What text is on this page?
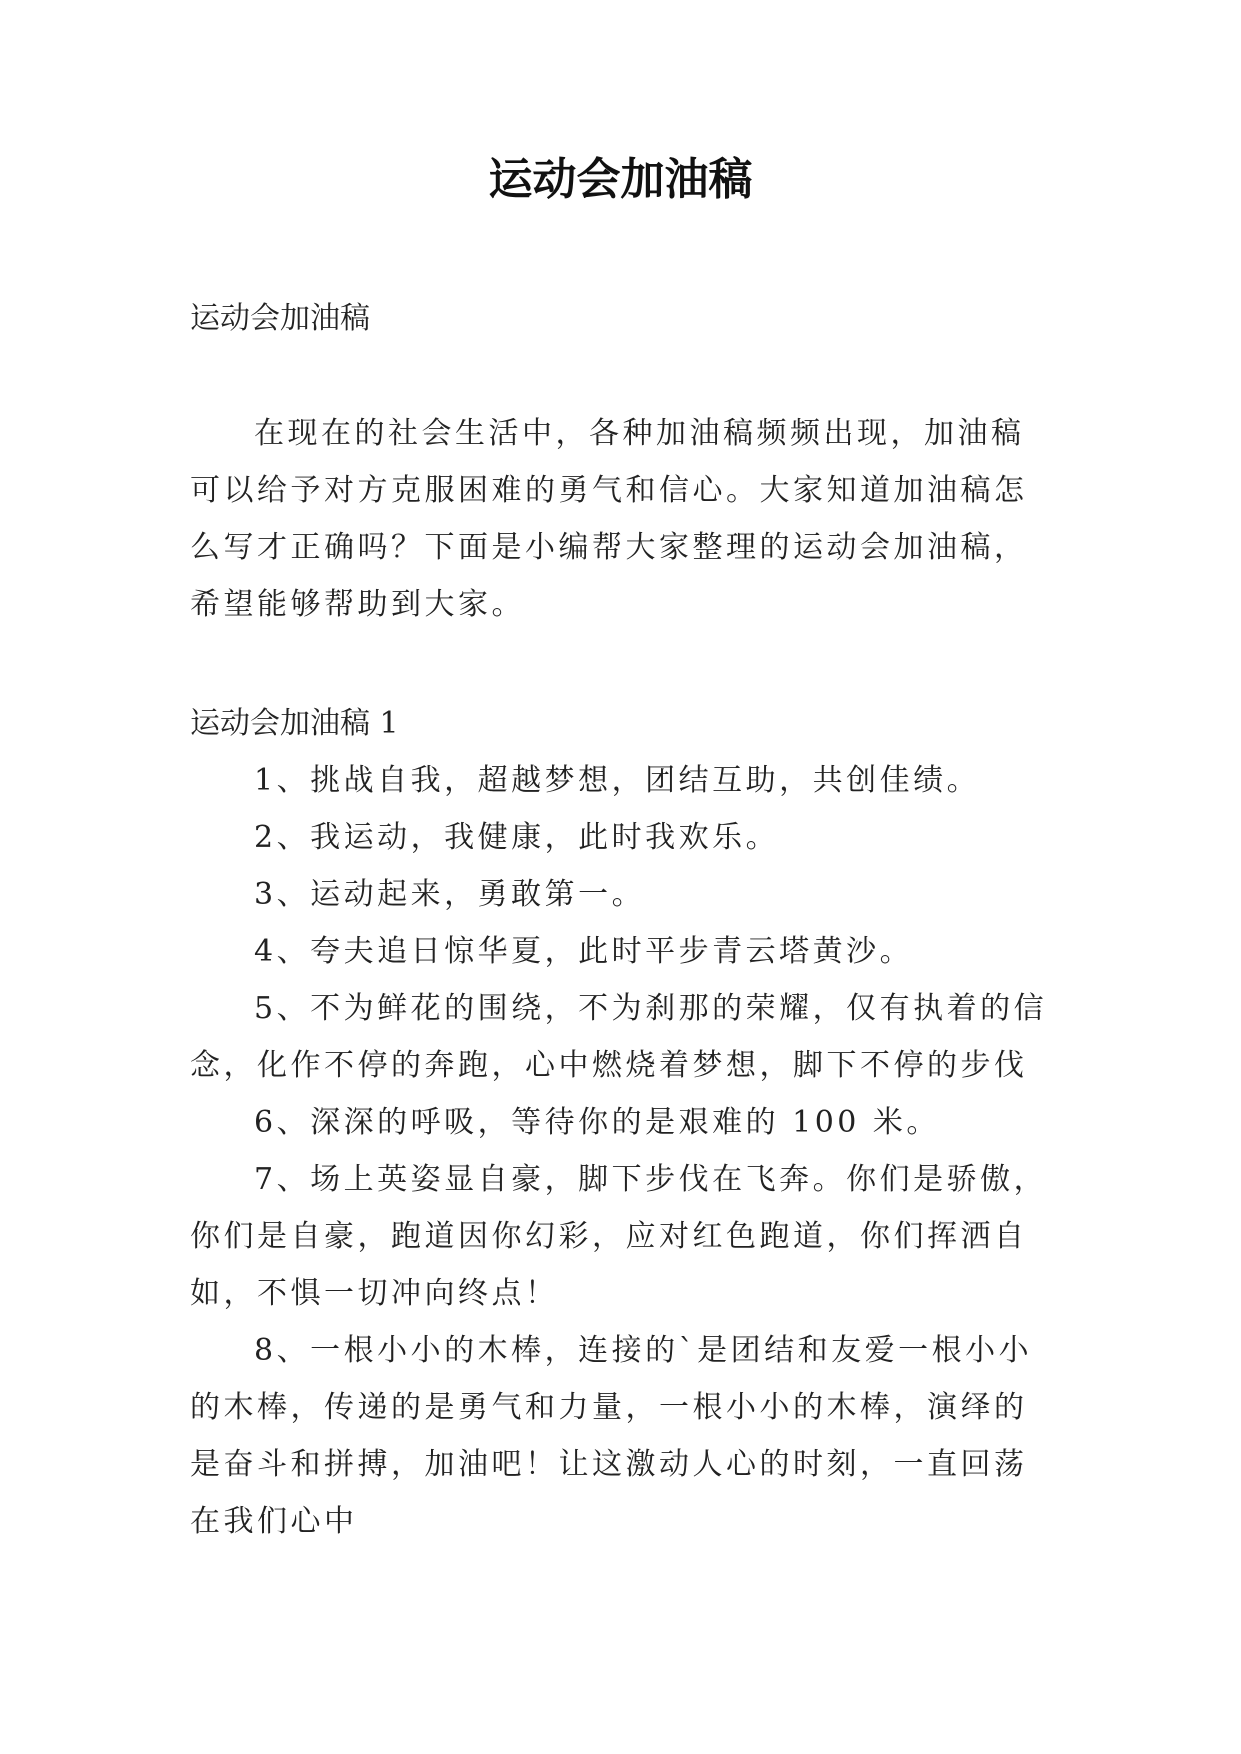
运动会加油稿

运动会加油稿

在现在的社会生活中，各种加油稿频频出现，加油稿可以给予对方克服困难的勇气和信心。大家知道加油稿怎么写才正确吗？下面是小编帮大家整理的运动会加油稿，希望能够帮助到大家。

运动会加油稿 1

1、挑战自我，超越梦想，团结互助，共创佳绩。
2、我运动，我健康，此时我欢乐。
3、运动起来，勇敢第一。
4、夸夫追日惊华夏，此时平步青云塔黄沙。
5、不为鲜花的围绕，不为刹那的荣耀，仅有执着的信念，化作不停的奔跑，心中燃烧着梦想，脚下不停的步伐
6、深深的呼吸，等待你的是艰难的 100 米。
7、场上英姿显自豪，脚下步伐在飞奔。你们是骄傲，你们是自豪，跑道因你幻彩，应对红色跑道，你们挥洒自如，不惧一切冲向终点！
8、一根小小的木棒，连接的`是团结和友爱一根小小的木棒，传递的是勇气和力量，一根小小的木棒，演绎的是奋斗和拼搏，加油吧！让这激动人心的时刻，一直回荡在我们心中
